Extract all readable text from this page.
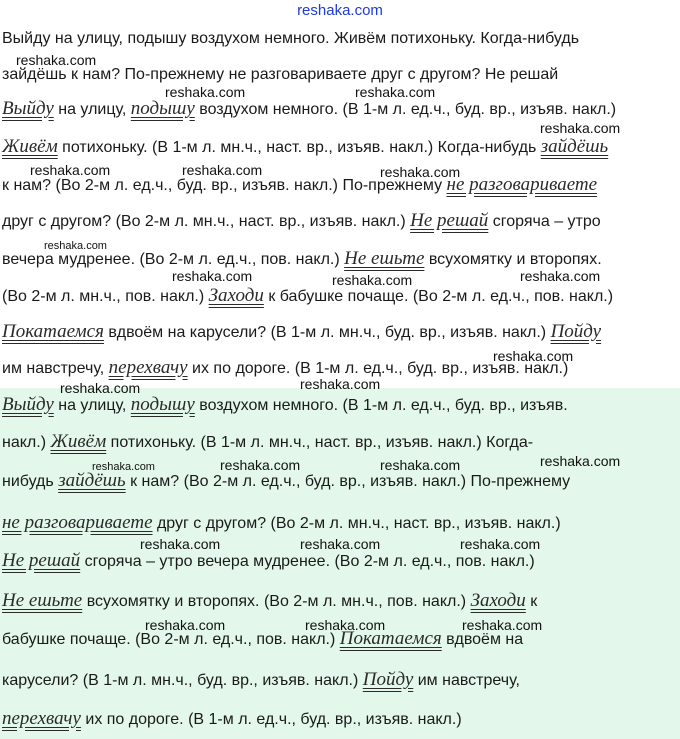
reshaka.com
Выйду на улицу, подышу воздухом немного. Живём потихоньку. Когда-нибудь
зайдёшь к нам? По-прежнему не разговариваете друг с другом? Не решай
Выйду на улицу, подышу воздухом немного. (В 1-м л. ед.ч., буд. вр., изъяв. накл.)
Живём потихоньку. (В 1-м л. мн.ч., наст. вр., изъяв. накл.) Когда-нибудь зайдёшь
к нам? (Во 2-м л. ед.ч., буд. вр., изъяв. накл.) По-прежнему не разговариваете
друг с другом? (Во 2-м л. мн.ч., наст. вр., изъяв. накл.) Не решай сгоряча – утро
вечера мудренее. (Во 2-м л. ед.ч., пов. накл.) Не ешьте всухомятку и второпях.
(Во 2-м л. мн.ч., пов. накл.) Заходи к бабушке почаще. (Во 2-м л. ед.ч., пов. накл.)
Покатаемся вдвоём на карусели? (В 1-м л. мн.ч., буд. вр., изъяв. накл.) Пойду
им навстречу, перехвачу их по дороге. (В 1-м л. ед.ч., буд. вр., изъяв. накл.)
Выйду на улицу, подышу воздухом немного. (В 1-м л. ед.ч., буд. вр., изъяв.
накл.) Живём потихоньку. (В 1-м л. мн.ч., наст. вр., изъяв. накл.) Когда-
нибудь зайдёшь к нам? (Во 2-м л. ед.ч., буд. вр., изъяв. накл.) По-прежнему
не разговариваете друг с другом? (Во 2-м л. мн.ч., наст. вр., изъяв. накл.)
Не решай сгоряча – утро вечера мудренее. (Во 2-м л. ед.ч., пов. накл.)
Не ешьте всухомятку и второпях. (Во 2-м л. мн.ч., пов. накл.) Заходи к
бабушке почаще. (Во 2-м л. ед.ч., пов. накл.) Покатаемся вдвоём на
карусели? (В 1-м л. мн.ч., буд. вр., изъяв. накл.) Пойду им навстречу,
перехвачу их по дороге. (В 1-м л. ед.ч., буд. вр., изъяв. накл.)
reshaka.com
reshaka.com	reshaka.com
reshaka.com
reshaka.com	reshaka.com	reshaka.com
reshaka.com
reshaka.com	reshaka.com	reshaka.com
reshaka.com
reshaka.com	reshaka.com
reshaka.com	reshaka.com	reshaka.com	reshaka.com
reshaka.com	reshaka.com	reshaka.com
reshaka.com	reshaka.com	reshaka.com
